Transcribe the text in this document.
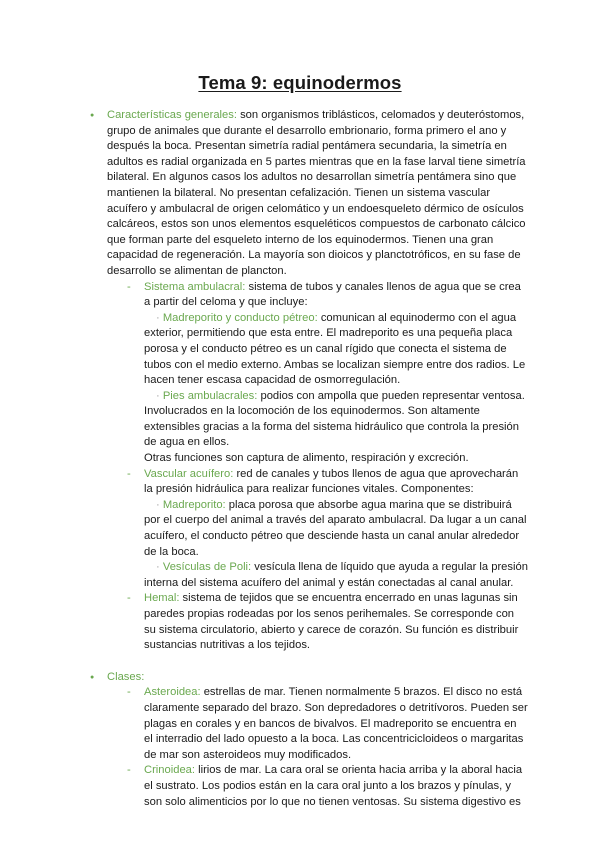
Tema 9: equinodermos
● Características generales: son organismos triblásticos, celomados y deuteróstomos, grupo de animales que durante el desarrollo embrionario, forma primero el ano y después la boca. Presentan simetría radial pentámera secundaria, la simetría en adultos es radial organizada en 5 partes mientras que en la fase larval tiene simetría bilateral. En algunos casos los adultos no desarrollan simetría pentámera sino que mantienen la bilateral. No presentan cefalización. Tienen un sistema vascular acuífero y ambulacral de origen celomático y un endoesqueleto dérmico de osículos calcáreos, estos son unos elementos esqueléticos compuestos de carbonato cálcico que forman parte del esqueleto interno de los equinodermos. Tienen una gran capacidad de regeneración. La mayoría son dioicos y planctotróficos, en su fase de desarrollo se alimentan de plancton.
- Sistema ambulacral: sistema de tubos y canales llenos de agua que se crea a partir del celoma y que incluye:
· Madreporito y conducto pétreo: comunican al equinodermo con el agua exterior, permitiendo que esta entre. El madreporito es una pequeña placa porosa y el conducto pétreo es un canal rígido que conecta el sistema de tubos con el medio externo. Ambas se localizan siempre entre dos radios. Le hacen tener escasa capacidad de osmorregulación.
· Pies ambulacrales: podios con ampolla que pueden representar ventosa. Involucrados en la locomoción de los equinodermos. Son altamente extensibles gracias a la forma del sistema hidráulico que controla la presión de agua en ellos.
Otras funciones son captura de alimento, respiración y excreción.
- Vascular acuífero: red de canales y tubos llenos de agua que aprovecharán la presión hidráulica para realizar funciones vitales. Componentes:
· Madreporito: placa porosa que absorbe agua marina que se distribuirá por el cuerpo del animal a través del aparato ambulacral. Da lugar a un canal acuífero, el conducto pétreo que desciende hasta un canal anular alrededor de la boca.
· Vesículas de Poli: vesícula llena de líquido que ayuda a regular la presión interna del sistema acuífero del animal y están conectadas al canal anular.
- Hemal: sistema de tejidos que se encuentra encerrado en unas lagunas sin paredes propias rodeadas por los senos perihemales. Se corresponde con su sistema circulatorio, abierto y carece de corazón. Su función es distribuir sustancias nutritivas a los tejidos.
● Clases:
- Asteroidea: estrellas de mar. Tienen normalmente 5 brazos. El disco no está claramente separado del brazo. Son depredadores o detritívoros. Pueden ser plagas en corales y en bancos de bivalvos. El madreporito se encuentra en el interradio del lado opuesto a la boca. Las concentricicloideos o margaritas de mar son asteroideos muy modificados.
- Crinoidea: lirios de mar. La cara oral se orienta hacia arriba y la aboral hacia el sustrato. Los podios están en la cara oral junto a los brazos y pínulas, y son solo alimenticios por lo que no tienen ventosas. Su sistema digestivo es
